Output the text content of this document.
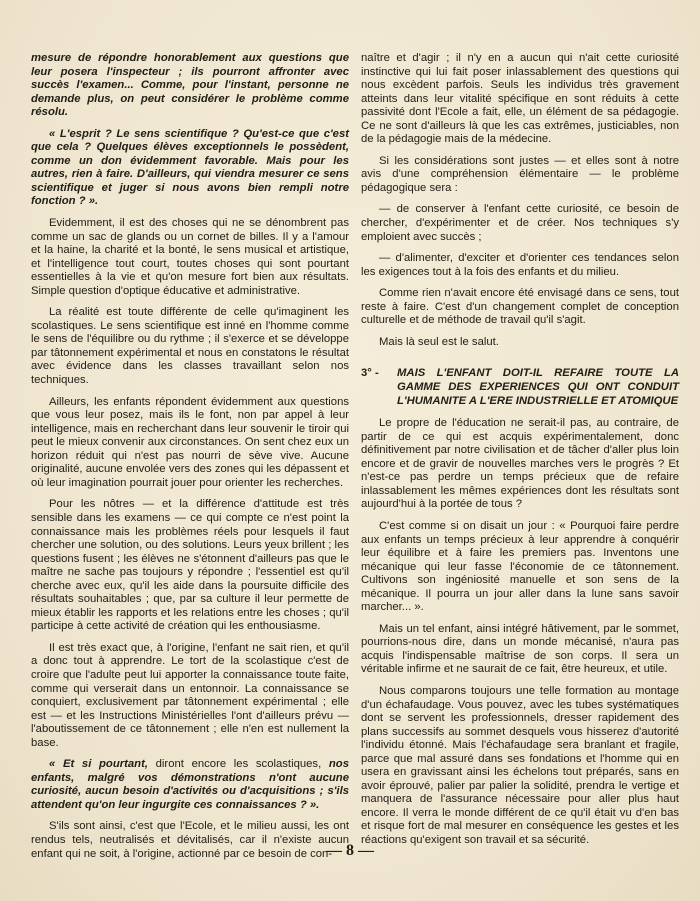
mesure de répondre honorablement aux questions que leur posera l'inspecteur ; ils pourront affronter avec succès l'examen... Comme, pour l'instant, personne ne demande plus, on peut considérer le problème comme résolu.

« L'esprit ? Le sens scientifique ? Qu'est-ce que c'est que cela ? Quelques élèves exceptionnels le possèdent, comme un don évidemment favorable. Mais pour les autres, rien à faire. D'ailleurs, qui viendra mesurer ce sens scientifique et juger si nous avons bien rempli notre fonction ? ».

Evidemment, il est des choses qui ne se dénombrent pas comme un sac de glands ou un cornet de billes. Il y a l'amour et la haine, la charité et la bonté, le sens musical et artistique, et l'intelligence tout court, toutes choses qui sont pourtant essentielles à la vie et qu'on mesure fort bien aux résultats. Simple question d'optique éducative et administrative.

La réalité est toute différente de celle qu'imaginent les scolastiques. Le sens scientifique est inné en l'homme comme le sens de l'équilibre ou du rythme ; il s'exerce et se développe par tâtonnement expérimental et nous en constatons le résultat avec évidence dans les classes travaillant selon nos techniques.

Ailleurs, les enfants répondent évidemment aux questions que vous leur posez, mais ils le font, non par appel à leur intelligence, mais en recherchant dans leur souvenir le tiroir qui peut le mieux convenir aux circonstances. On sent chez eux un horizon réduit qui n'est pas nourri de sève vive. Aucune originalité, aucune envolée vers des zones qui les dépassent et où leur imagination pourrait jouer pour orienter les recherches.

Pour les nôtres — et la différence d'attitude est très sensible dans les examens — ce qui compte ce n'est point la connaissance mais les problèmes réels pour lesquels il faut chercher une solution, ou des solutions. Leurs yeux brillent ; les questions fusent ; les élèves ne s'étonnent d'ailleurs pas que le maître ne sache pas toujours y répondre ; l'essentiel est qu'il cherche avec eux, qu'il les aide dans la poursuite difficile des résultats souhaitables ; que, par sa culture il leur permette de mieux établir les rapports et les relations entre les choses ; qu'il participe à cette activité de création qui les enthousiasme.

Il est très exact que, à l'origine, l'enfant ne sait rien, et qu'il a donc tout à apprendre. Le tort de la scolastique c'est de croire que l'adulte peut lui apporter la connaissance toute faite, comme qui verserait dans un entonnoir. La connaissance se conquiert, exclusivement par tâtonnement expérimental ; elle est — et les Instructions Ministérielles l'ont d'ailleurs prévu — l'aboutissement de ce tâtonnement ; elle n'en est nullement la base.

« Et si pourtant, diront encore les scolastiques, nos enfants, malgré vos démonstrations n'ont aucune curiosité, aucun besoin d'activités ou d'acquisitions ; s'ils attendent qu'on leur ingurgite ces connaissances ? ».

S'ils sont ainsi, c'est que l'Ecole, et le milieu aussi, les ont rendus tels, neutralisés et dévitalisés, car il n'existe aucun enfant qui ne soit, à l'origine, actionné par ce besoin de con-

naître et d'agir ; il n'y en a aucun qui n'ait cette curiosité instinctive qui lui fait poser inlassablement des questions qui nous excèdent parfois. Seuls les individus très gravement atteints dans leur vitalité spécifique en sont réduits à cette passivité dont l'Ecole a fait, elle, un élément de sa pédagogie. Ce ne sont d'ailleurs là que les cas extrêmes, justiciables, non de la pédagogie mais de la médecine.

Si les considérations sont justes — et elles sont à notre avis d'une compréhension élémentaire — le problème pédagogique sera :

— de conserver à l'enfant cette curiosité, ce besoin de chercher, d'expérimenter et de créer. Nos techniques s'y emploient avec succès ;

— d'alimenter, d'exciter et d'orienter ces tendances selon les exigences tout à la fois des enfants et du milieu.

Comme rien n'avait encore été envisagé dans ce sens, tout reste à faire. C'est d'un changement complet de conception culturelle et de méthode de travail qu'il s'agit.

Mais là seul est le salut.

3° - MAIS L'ENFANT DOIT-IL REFAIRE TOUTE LA GAMME DES EXPERIENCES QUI ONT CONDUIT L'HUMANITE A L'ERE INDUSTRIELLE ET ATOMIQUE

Le propre de l'éducation ne serait-il pas, au contraire, de partir de ce qui est acquis expérimentalement, donc définitivement par notre civilisation et de tâcher d'aller plus loin encore et de gravir de nouvelles marches vers le progrès ? Et n'est-ce pas perdre un temps précieux que de refaire inlassablement les mêmes expériences dont les résultats sont aujourd'hui à la portée de tous ?

C'est comme si on disait un jour : « Pourquoi faire perdre aux enfants un temps précieux à leur apprendre à conquérir leur équilibre et à faire les premiers pas. Inventons une mécanique qui leur fasse l'économie de ce tâtonnement. Cultivons son ingéniosité manuelle et son sens de la mécanique. Il pourra un jour aller dans la lune sans savoir marcher... ».

Mais un tel enfant, ainsi intégré hâtivement, par le sommet, pourrions-nous dire, dans un monde mécanisé, n'aura pas acquis l'indispensable maîtrise de son corps. Il sera un véritable infirme et ne saurait de ce fait, être heureux, et utile.

Nous comparons toujours une telle formation au montage d'un échafaudage. Vous pouvez, avec les tubes systématiques dont se servent les professionnels, dresser rapidement des plans successifs au sommet desquels vous hisserez d'autorité l'individu étonné. Mais l'échafaudage sera branlant et fragile, parce que mal assuré dans ses fondations et l'homme qui en usera en gravissant ainsi les échelons tout préparés, sans en avoir éprouvé, palier par palier la solidité, prendra le vertige et manquera de l'assurance nécessaire pour aller plus haut encore. Il verra le monde différent de ce qu'il était vu d'en bas et risque fort de mal mesurer en conséquence les gestes et les réactions qu'exigent son travail et sa sécurité.

— 8 —
